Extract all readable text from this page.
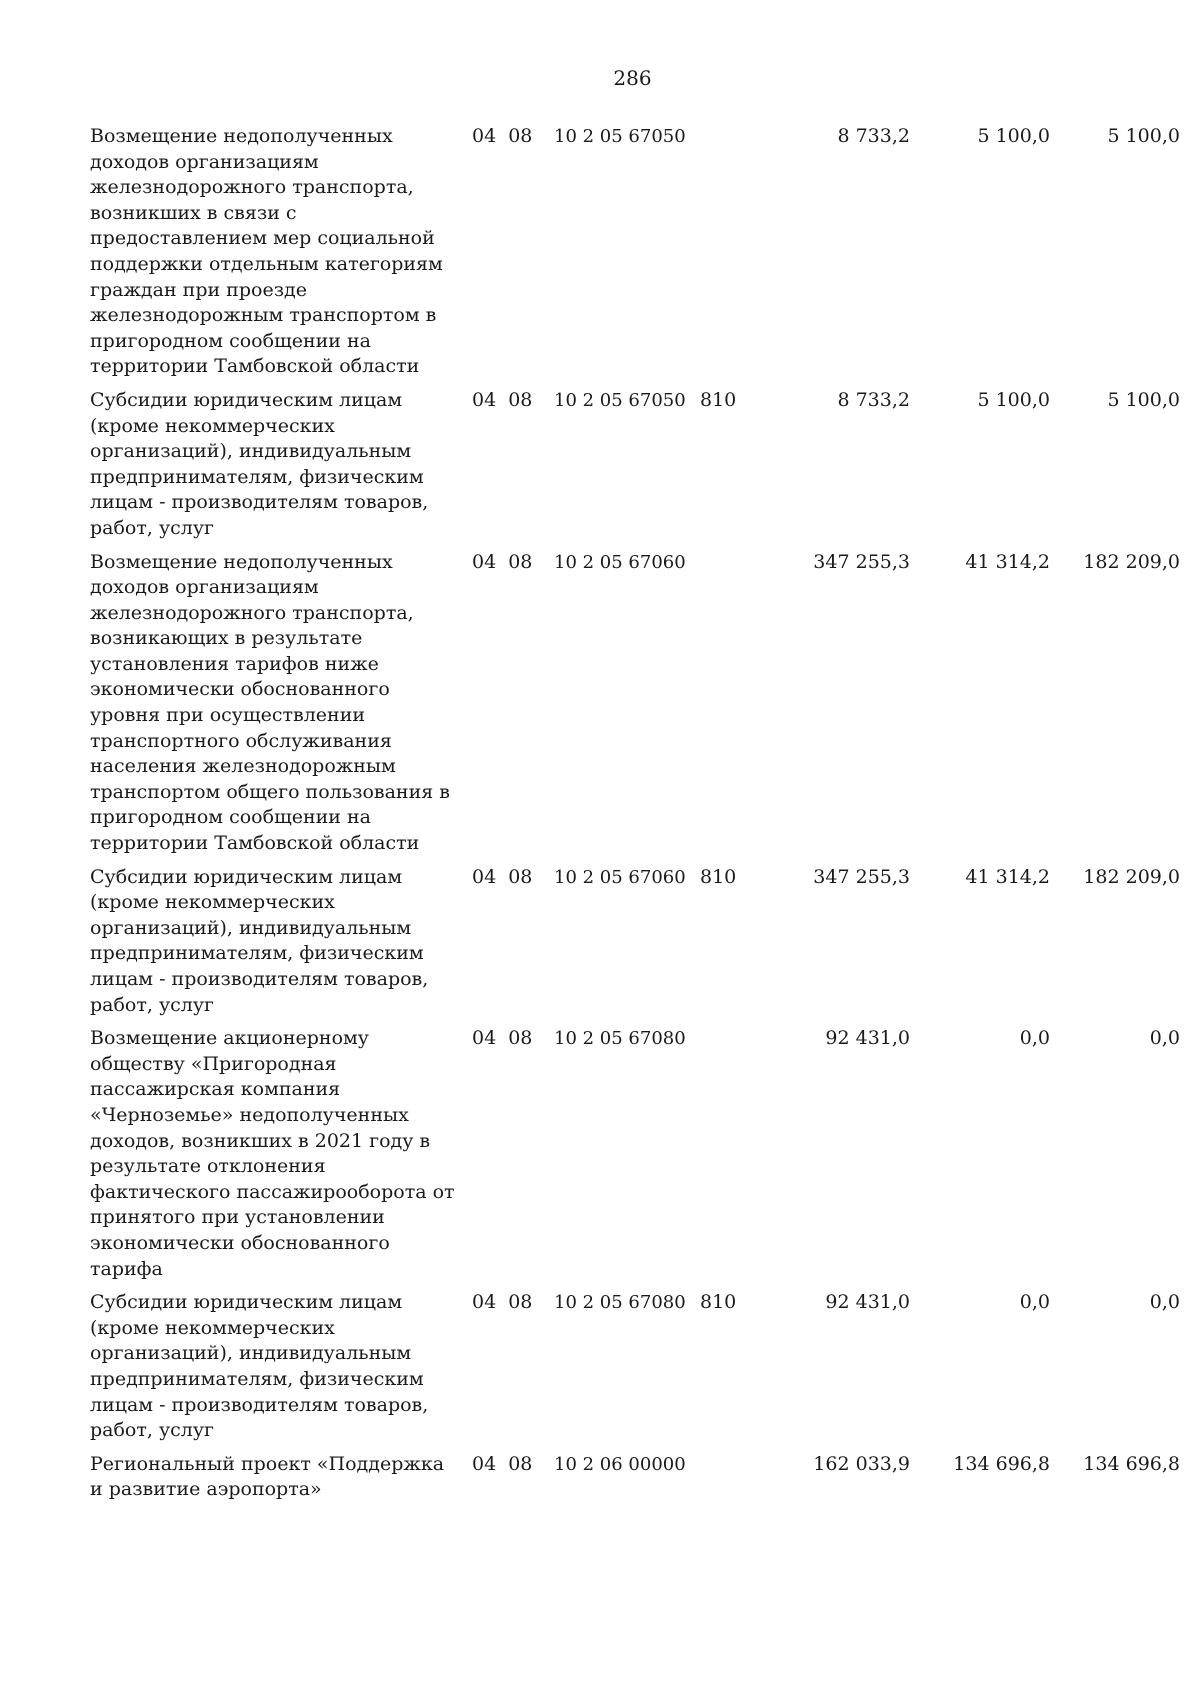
286
Возмещение недополученных доходов организациям железнодорожного транспорта, возникших в связи с предоставлением мер социальной поддержки отдельным категориям граждан при проезде железнодорожным транспортом в пригородном сообщении на территории Тамбовской области	04 08	10 2 05 67050		8 733,2	5 100,0	5 100,0
Субсидии юридическим лицам (кроме некоммерческих организаций), индивидуальным предпринимателям, физическим лицам - производителям товаров, работ, услуг	04 08	10 2 05 67050	810	8 733,2	5 100,0	5 100,0
Возмещение недополученных доходов организациям железнодорожного транспорта, возникающих в результате установления тарифов ниже экономически обоснованного уровня при осуществлении транспортного обслуживания населения железнодорожным транспортом общего пользования в пригородном сообщении на территории Тамбовской области	04 08	10 2 05 67060		347 255,3	41 314,2	182 209,0
Субсидии юридическим лицам (кроме некоммерческих организаций), индивидуальным предпринимателям, физическим лицам - производителям товаров, работ, услуг	04 08	10 2 05 67060	810	347 255,3	41 314,2	182 209,0
Возмещение акционерному обществу «Пригородная пассажирская компания «Черноземье» недополученных доходов, возникших в 2021 году в результате отклонения фактического пассажирооборота от принятого при установлении экономически обоснованного тарифа	04 08	10 2 05 67080		92 431,0	0,0	0,0
Субсидии юридическим лицам (кроме некоммерческих организаций), индивидуальным предпринимателям, физическим лицам - производителям товаров, работ, услуг	04 08	10 2 05 67080	810	92 431,0	0,0	0,0
Региональный проект «Поддержка и развитие аэропорта»	04 08	10 2 06 00000		162 033,9	134 696,8	134 696,8
